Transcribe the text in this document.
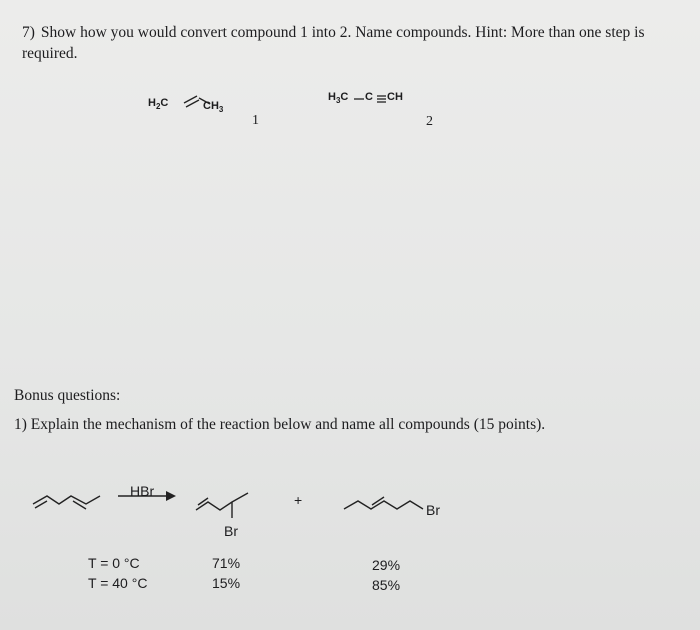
7) Show how you would convert compound 1 into 2. Name compounds. Hint: More than one step is required.
$H_2C$	$CH_3$
1
$H_3C$ C CH
2
Bonus questions:
1) Explain the mechanism of the reaction below and name all compounds (15 points).
HBr
+
Br
Br
T = 0 °C	71%	29%
T = 40 °C	15%	85%
